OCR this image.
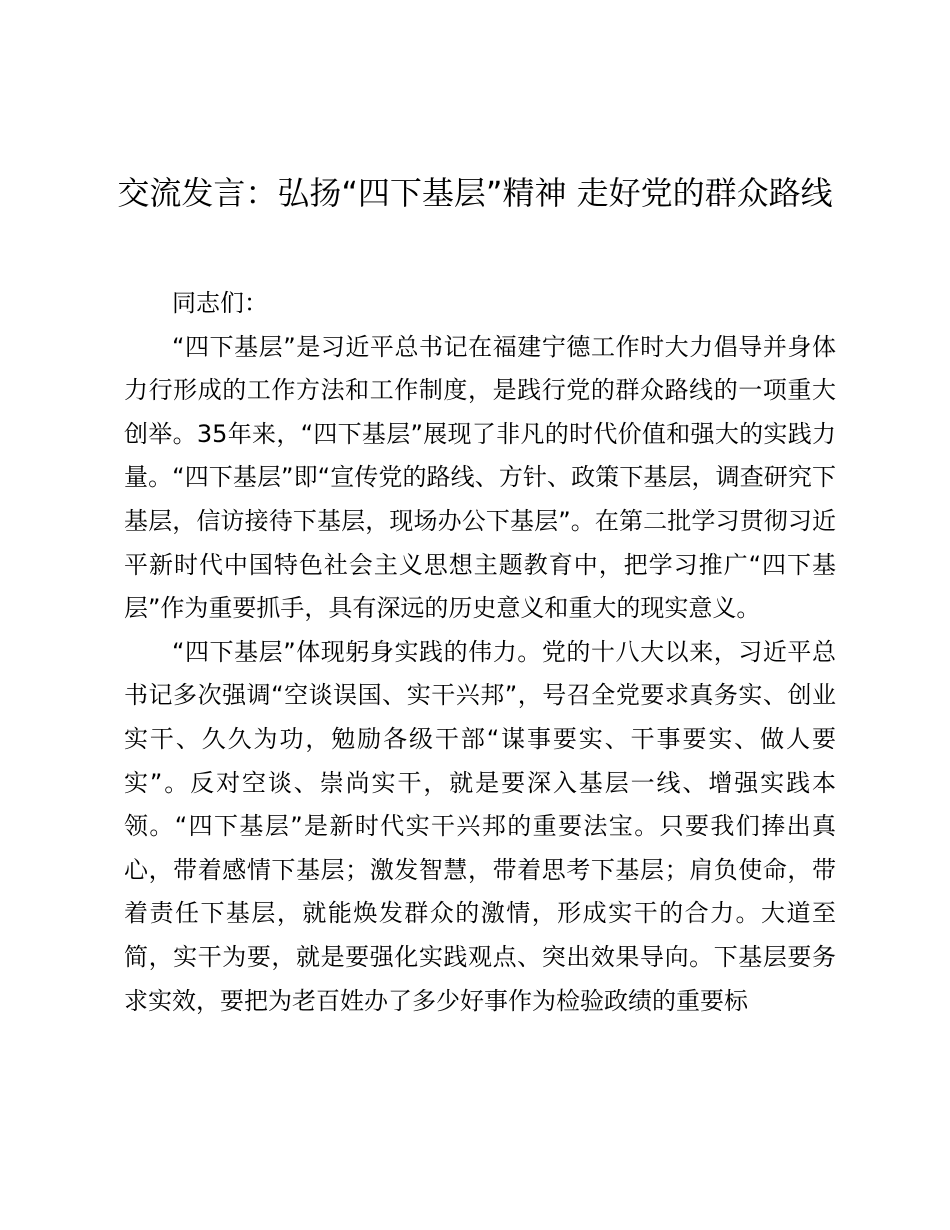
交流发言：弘扬“四下基层”精神 走好党的群众路线

同志们：

“四下基层”是习近平总书记在福建宁德工作时大力倡导并身体力行形成的工作方法和工作制度，是践行党的群众路线的一项重大创举。35年来，“四下基层”展现了非凡的时代价值和强大的实践力量。“四下基层”即“宣传党的路线、方针、政策下基层，调查研究下基层，信访接待下基层，现场办公下基层”。在第二批学习贯彻习近平新时代中国特色社会主义思想主题教育中，把学习推广“四下基层”作为重要抓手，具有深远的历史意义和重大的现实意义。

“四下基层”体现躬身实践的伟力。党的十八大以来，习近平总书记多次强调“空谈误国、实干兴邦”，号召全党要求真务实、创业实干、久久为功，勉励各级干部“谋事要实、干事要实、做人要实”。反对空谈、崇尚实干，就是要深入基层一线、增强实践本领。“四下基层”是新时代实干兴邦的重要法宝。只要我们捧出真心，带着感情下基层；激发智慧，带着思考下基层；肩负使命，带着责任下基层，就能焕发群众的激情，形成实干的合力。大道至简，实干为要，就是要强化实践观点、突出效果导向。下基层要务求实效，要把为老百姓办了多少好事作为检验政绩的重要标
